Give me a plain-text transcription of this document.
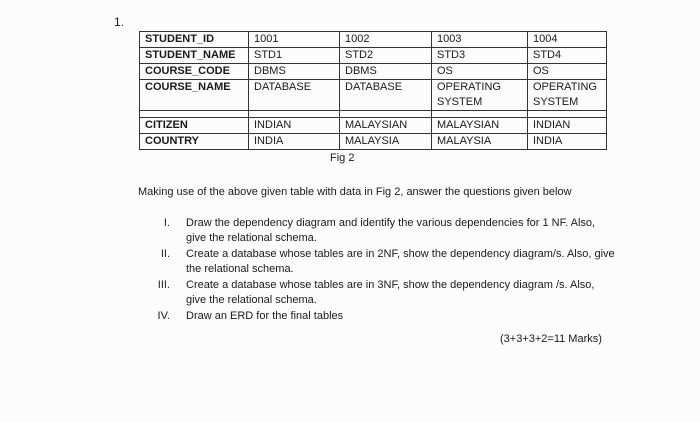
1.
STUDENT_ID	1001	1002	1003	1004
STUDENT_NAME	STD1	STD2	STD3	STD4
COURSE_CODE	DBMS	DBMS	OS	OS
COURSE_NAME	DATABASE	DATABASE	OPERATING SYSTEM	OPERATING SYSTEM

CITIZEN	INDIAN	MALAYSIAN	MALAYSIAN	INDIAN
COUNTRY	INDIA	MALAYSIA	MALAYSIA	INDIA
Fig 2
Making use of the above given table with data in Fig 2, answer the questions given below
I. Draw the dependency diagram and identify the various dependencies for 1 NF. Also, give the relational schema.
II. Create a database whose tables are in 2NF, show the dependency diagram/s. Also, give the relational schema.
III. Create a database whose tables are in 3NF, show the dependency diagram /s. Also, give the relational schema.
IV. Draw an ERD for the final tables
(3+3+3+2=11 Marks)
